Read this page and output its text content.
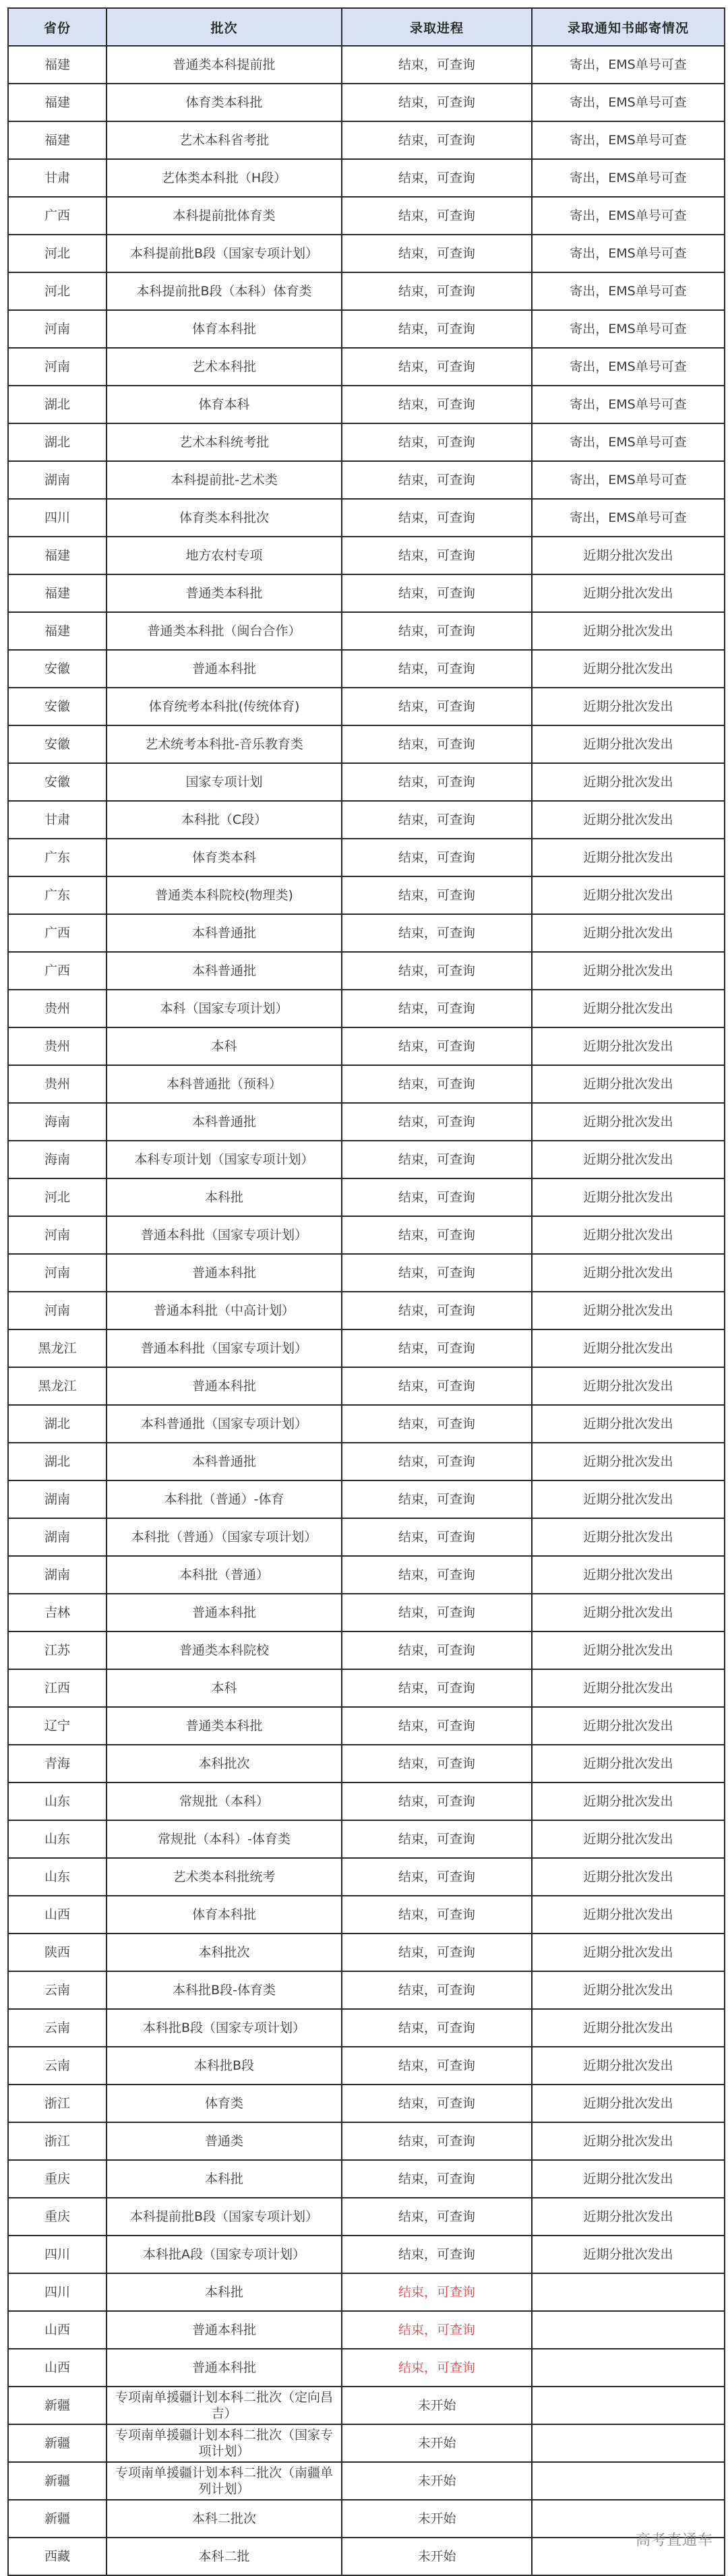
省份	批次	录取进程	录取通知书邮寄情况
福建	普通类本科提前批	结束，可查询	寄出，EMS单号可查
福建	体育类本科批	结束，可查询	寄出，EMS单号可查
福建	艺术本科省考批	结束，可查询	寄出，EMS单号可查
甘肃	艺体类本科批（H段）	结束，可查询	寄出，EMS单号可查
广西	本科提前批体育类	结束，可查询	寄出，EMS单号可查
河北	本科提前批B段（国家专项计划）	结束，可查询	寄出，EMS单号可查
河北	本科提前批B段（本科）体育类	结束，可查询	寄出，EMS单号可查
河南	体育本科批	结束，可查询	寄出，EMS单号可查
河南	艺术本科批	结束，可查询	寄出，EMS单号可查
湖北	体育本科	结束，可查询	寄出，EMS单号可查
湖北	艺术本科统考批	结束，可查询	寄出，EMS单号可查
湖南	本科提前批-艺术类	结束，可查询	寄出，EMS单号可查
四川	体育类本科批次	结束，可查询	寄出，EMS单号可查
福建	地方农村专项	结束，可查询	近期分批次发出
福建	普通类本科批	结束，可查询	近期分批次发出
福建	普通类本科批（闽台合作）	结束，可查询	近期分批次发出
安徽	普通本科批	结束，可查询	近期分批次发出
安徽	体育统考本科批(传统体育)	结束，可查询	近期分批次发出
安徽	艺术统考本科批-音乐教育类	结束，可查询	近期分批次发出
安徽	国家专项计划	结束，可查询	近期分批次发出
甘肃	本科批（C段）	结束，可查询	近期分批次发出
广东	体育类本科	结束，可查询	近期分批次发出
广东	普通类本科院校(物理类)	结束，可查询	近期分批次发出
广西	本科普通批	结束，可查询	近期分批次发出
广西	本科普通批	结束，可查询	近期分批次发出
贵州	本科（国家专项计划）	结束，可查询	近期分批次发出
贵州	本科	结束，可查询	近期分批次发出
贵州	本科普通批（预科）	结束，可查询	近期分批次发出
海南	本科普通批	结束，可查询	近期分批次发出
海南	本科专项计划（国家专项计划）	结束，可查询	近期分批次发出
河北	本科批	结束，可查询	近期分批次发出
河南	普通本科批（国家专项计划）	结束，可查询	近期分批次发出
河南	普通本科批	结束，可查询	近期分批次发出
河南	普通本科批（中高计划）	结束，可查询	近期分批次发出
黑龙江	普通本科批（国家专项计划）	结束，可查询	近期分批次发出
黑龙江	普通本科批	结束，可查询	近期分批次发出
湖北	本科普通批（国家专项计划）	结束，可查询	近期分批次发出
湖北	本科普通批	结束，可查询	近期分批次发出
湖南	本科批（普通）-体育	结束，可查询	近期分批次发出
湖南	本科批（普通）（国家专项计划）	结束，可查询	近期分批次发出
湖南	本科批（普通）	结束，可查询	近期分批次发出
吉林	普通本科批	结束，可查询	近期分批次发出
江苏	普通类本科院校	结束，可查询	近期分批次发出
江西	本科	结束，可查询	近期分批次发出
辽宁	普通类本科批	结束，可查询	近期分批次发出
青海	本科批次	结束，可查询	近期分批次发出
山东	常规批（本科）	结束，可查询	近期分批次发出
山东	常规批（本科）-体育类	结束，可查询	近期分批次发出
山东	艺术类本科批统考	结束，可查询	近期分批次发出
山西	体育本科批	结束，可查询	近期分批次发出
陕西	本科批次	结束，可查询	近期分批次发出
云南	本科批B段-体育类	结束，可查询	近期分批次发出
云南	本科批B段（国家专项计划）	结束，可查询	近期分批次发出
云南	本科批B段	结束，可查询	近期分批次发出
浙江	体育类	结束，可查询	近期分批次发出
浙江	普通类	结束，可查询	近期分批次发出
重庆	本科批	结束，可查询	近期分批次发出
重庆	本科提前批B段（国家专项计划）	结束，可查询	近期分批次发出
四川	本科批A段（国家专项计划）	结束，可查询	近期分批次发出
四川	本科批	结束，可查询	
山西	普通本科批	结束，可查询	
山西	普通本科批	结束，可查询	
新疆	专项南单援疆计划本科二批次（定向昌吉）	未开始	
新疆	专项南单援疆计划本科二批次（国家专项计划）	未开始	
新疆	专项南单援疆计划本科二批次（南疆单列计划）	未开始	
新疆	本科二批次	未开始	
西藏	本科二批	未开始	
高考直通车
